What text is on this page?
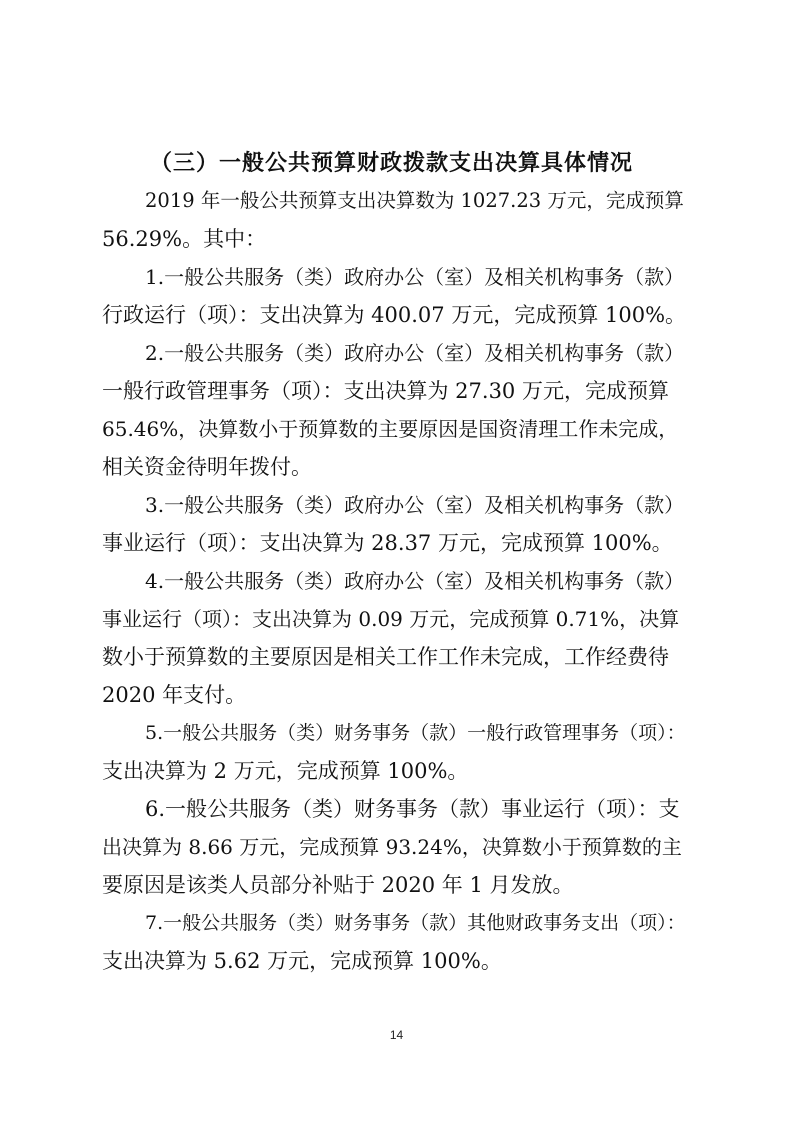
（三）一般公共预算财政拨款支出决算具体情况
2019 年一般公共预算支出决算数为 1027.23 万元，完成预算
56.29%。其中：
1.一般公共服务（类）政府办公（室）及相关机构事务（款）
行政运行（项）：支出决算为 400.07 万元，完成预算 100%。
2.一般公共服务（类）政府办公（室）及相关机构事务（款）
一般行政管理事务（项）：支出决算为 27.30 万元，完成预算
65.46%，决算数小于预算数的主要原因是国资清理工作未完成，
相关资金待明年拨付。
3.一般公共服务（类）政府办公（室）及相关机构事务（款）
事业运行（项）：支出决算为 28.37 万元，完成预算 100%。
4.一般公共服务（类）政府办公（室）及相关机构事务（款）
事业运行（项）：支出决算为 0.09 万元，完成预算 0.71%，决算
数小于预算数的主要原因是相关工作工作未完成，工作经费待
2020 年支付。
5.一般公共服务（类）财务事务（款）一般行政管理事务（项）：
支出决算为 2 万元，完成预算 100%。
6.一般公共服务（类）财务事务（款）事业运行（项）：支
出决算为 8.66 万元，完成预算 93.24%，决算数小于预算数的主
要原因是该类人员部分补贴于 2020 年 1 月发放。
7.一般公共服务（类）财务事务（款）其他财政事务支出（项）：
支出决算为 5.62 万元，完成预算 100%。
14
